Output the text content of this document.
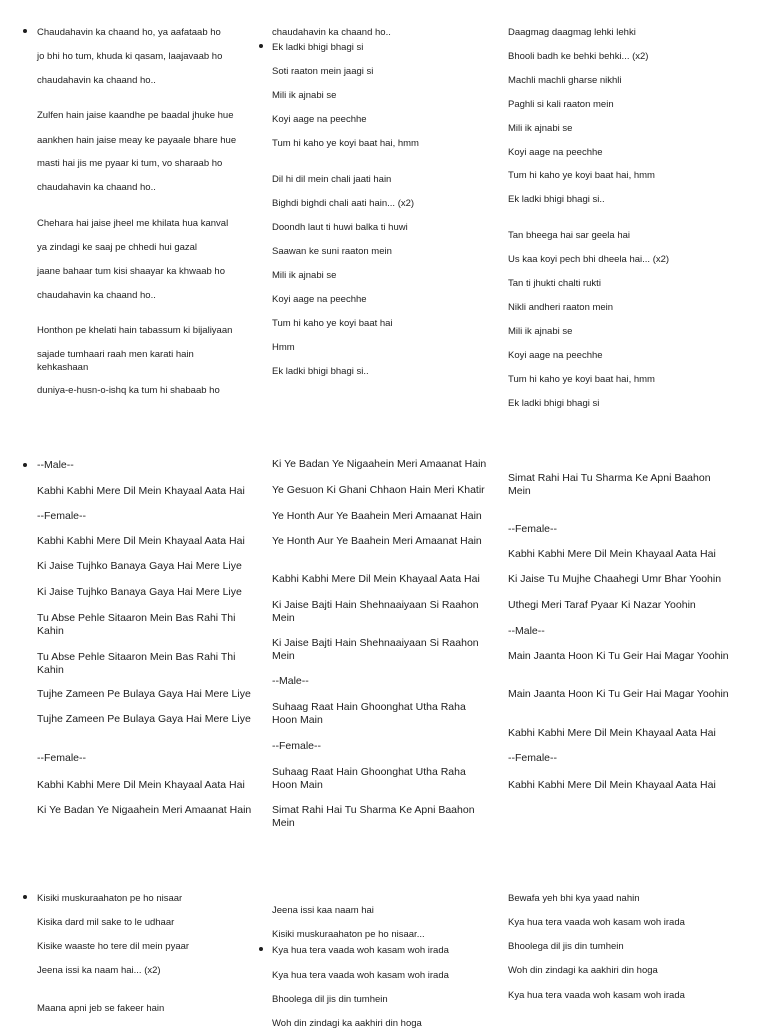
Chaudahavin ka chaand ho, ya aafataab ho
jo bhi ho tum, khuda ki qasam, laajavaab ho
chaudahavin ka chaand ho..
Zulfen hain jaise kaandhe pe baadal jhuke hue
aankhen hain jaise meay ke payaale bhare hue
masti hai jis me pyaar ki tum, vo sharaab ho
chaudahavin ka chaand ho..
Chehara hai jaise jheel me khilata hua kanval
ya zindagi ke saaj pe chhedi hui gazal
jaane bahaar tum kisi shaayar ka khwaab ho
chaudahavin ka chaand ho..
Honthon pe khelati hain tabassum ki bijaliyaan
sajade tumhaari raah men karati hain kehkashaan
duniya-e-husn-o-ishq ka tum hi shabaab ho
chaudahavin ka chaand ho..
Ek ladki bhigi bhagi si
Soti raaton mein jaagi si
Mili ik ajnabi se
Koyi aage na peechhe
Tum hi kaho ye koyi baat hai, hmm
Dil hi dil mein chali jaati hain
Bighdi bighdi chali aati hain... (x2)
Doondh laut ti huwi balka ti huwi
Saawan ke suni raaton mein
Mili ik ajnabi se
Koyi aage na peechhe
Tum hi kaho ye koyi baat hai
Hmm
Ek ladki bhigi bhagi si..
Daagmag daagmag lehki lehki
Bhooli badh ke behki behki... (x2)
Machli machli gharse nikhli
Paghli si kali raaton mein
Mili ik ajnabi se
Koyi aage na peechhe
Tum hi kaho ye koyi baat hai, hmm
Ek ladki bhigi bhagi si..
Tan bheega hai sar geela hai
Us kaa koyi pech bhi dheela hai... (x2)
Tan ti jhukti chalti rukti
Nikli andheri raaton mein
Mili ik ajnabi se
Koyi aage na peechhe
Tum hi kaho ye koyi baat hai, hmm
Ek ladki bhigi bhagi si
--Male--
Kabhi Kabhi Mere Dil Mein Khayaal Aata Hai
--Female--
Kabhi Kabhi Mere Dil Mein Khayaal Aata Hai
Ki Jaise Tujhko Banaya Gaya Hai Mere Liye
Ki Jaise Tujhko Banaya Gaya Hai Mere Liye
Tu Abse Pehle Sitaaron Mein Bas Rahi Thi Kahin
Tu Abse Pehle Sitaaron Mein Bas Rahi Thi Kahin
Tujhe Zameen Pe Bulaya Gaya Hai Mere Liye
Tujhe Zameen Pe Bulaya Gaya Hai Mere Liye
--Female--
Kabhi Kabhi Mere Dil Mein Khayaal Aata Hai
Ki Ye Badan Ye Nigaahein Meri Amaanat Hain
Ki Ye Badan Ye Nigaahein Meri Amaanat Hain
Ye Gesuon Ki Ghani Chhaon Hain Meri Khatir
Ye Honth Aur Ye Baahein Meri Amaanat Hain
Ye Honth Aur Ye Baahein Meri Amaanat Hain
Kabhi Kabhi Mere Dil Mein Khayaal Aata Hai
Ki Jaise Bajti Hain Shehnaaiyaan Si Raahon Mein
Ki Jaise Bajti Hain Shehnaaiyaan Si Raahon Mein
--Male--
Suhaag Raat Hain Ghoonghat Utha Raha Hoon Main
--Female--
Suhaag Raat Hain Ghoonghat Utha Raha Hoon Main
Simat Rahi Hai Tu Sharma Ke Apni Baahon Mein
Simat Rahi Hai Tu Sharma Ke Apni Baahon Mein
--Female--
Kabhi Kabhi Mere Dil Mein Khayaal Aata Hai
Ki Jaise Tu Mujhe Chaahegi Umr Bhar Yoohin
Uthegi Meri Taraf Pyaar Ki Nazar Yoohin
--Male--
Main Jaanta Hoon Ki Tu Geir Hai Magar Yoohin
Main Jaanta Hoon Ki Tu Geir Hai Magar Yoohin
Kabhi Kabhi Mere Dil Mein Khayaal Aata Hai
--Female--
Kabhi Kabhi Mere Dil Mein Khayaal Aata Hai
Kisiki muskuraahaton pe ho nisaar
Kisika dard mil sake to le udhaar
Kisike waaste ho tere dil mein pyaar
Jeena issi ka naam hai... (x2)
Maana apni jeb se fakeer hain
Jeena issi kaa naam hai
Kisiki muskuraahaton pe ho nisaar...
Kya hua tera vaada woh kasam woh irada
Kya hua tera vaada woh kasam woh irada
Bhoolega dil jis din tumhein
Woh din zindagi ka aakhiri din hoga
Bewafa yeh bhi kya yaad nahin
Kya hua tera vaada woh kasam woh irada
Bhoolega dil jis din tumhein
Woh din zindagi ka aakhiri din hoga
Kya hua tera vaada woh kasam woh irada
